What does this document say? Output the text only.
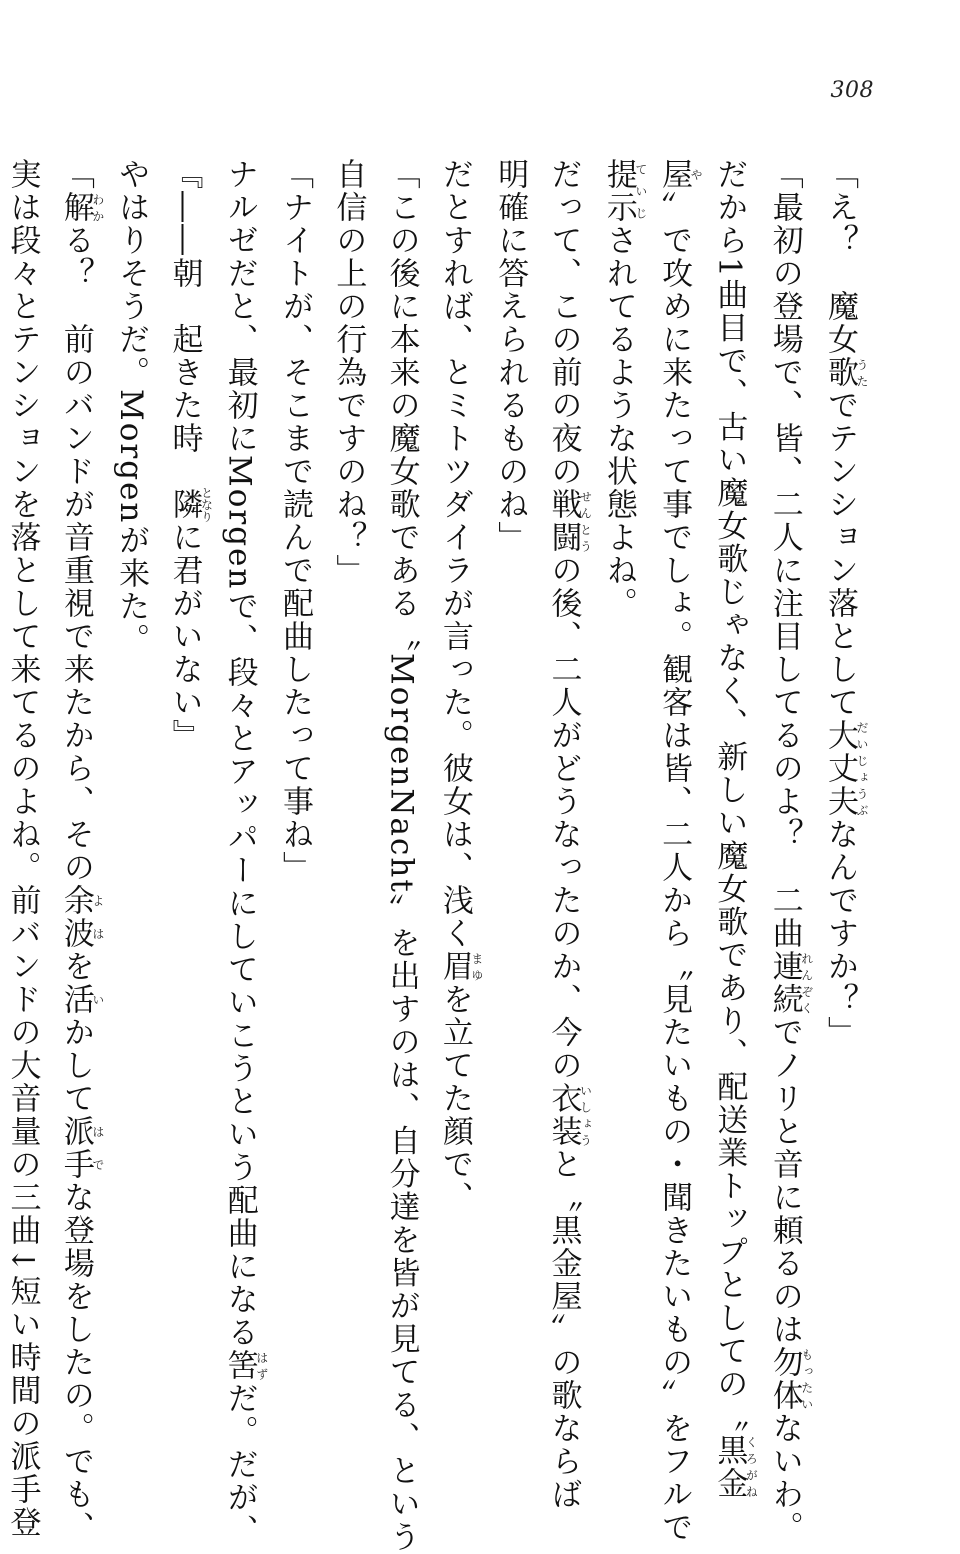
308
「え？　魔女歌うたでテンション落として大丈夫だいじょうぶなんですか？」
「最初の登場で、皆、二人に注目してるのよ？　二曲連続れんぞくでノリと音に頼るのは勿体もったいないわ。
だから1曲目で、古い魔女歌じゃなく、新しい魔女歌であり、配送業トップとしての〝黒金くろがね
屋や〟で攻めに来たって事でしょ。観客は皆、二人から〝見たいもの・聞きたいもの〟をフルで
提示ていじされてるような状態よね。
だって、この前の夜の戦闘せんとうの後、二人がどうなったのか、今の衣装いしょうと〝黒金屋〟の歌ならば
明確に答えられるものね」
だとすれば、とミトツダイラが言った。彼女は、浅く眉まゆを立てた顔で、
「この後に本来の魔女歌である〝MorgenNacht〟を出すのは、自分達を皆が見てる、という
自信の上の行為ですのね？」
「ナイトが、そこまで読んで配曲したって事ね」
ナルゼだと、最初にMorgenで、段々とアッパーにしていこうという配曲になる筈はずだ。だが、
『――朝　起きた時　隣となりに君がいない』
やはりそうだ。Morgenが来た。
「解わかる？　前のバンドが音重視で来たから、その余波よはを活いかして派は手でな登場をしたの。でも、
実は段々とテンションを落として来てるのよね。前バンドの大音量の三曲↓短い時間の派手登
